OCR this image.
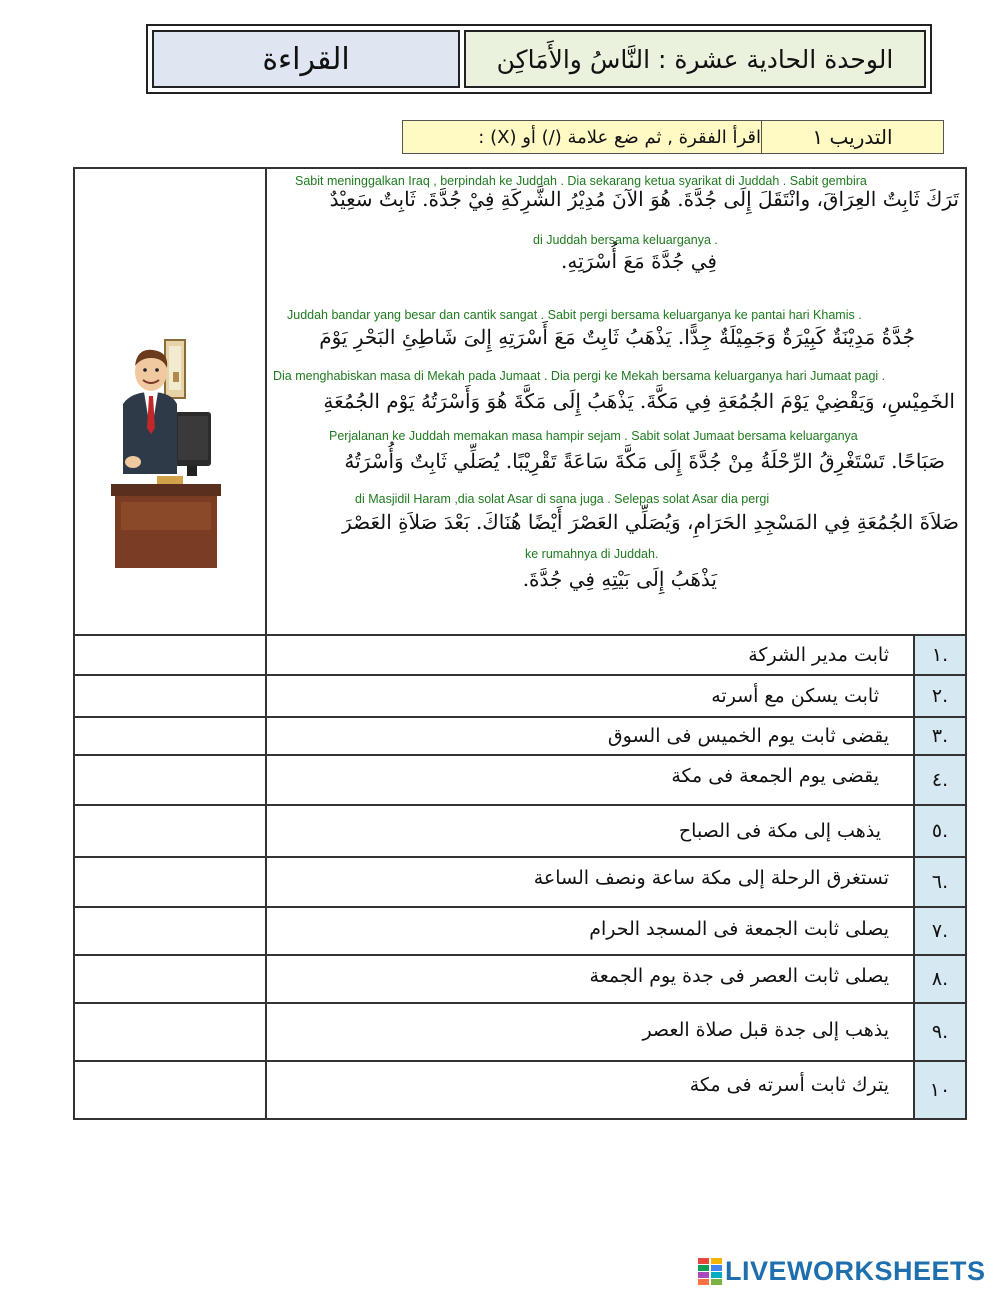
القراءة	الوحدة الحادية عشرة : النَّاسُ والأَمَاكِن
التدريب ١
اقرأ الفقرة , ثم ضع علامة (/) أو (X) :
Sabit meninggalkan Iraq , berpindah ke Juddah . Dia sekarang ketua syarikat di Juddah . Sabit gembira
تَرَكَ ثَابِتٌ العِرَاقَ، وانْتَقَلَ إِلَى جُدَّةَ. هُوَ الآنَ مُدِيْرُ الشَّرِكَةِ فِيْ جُدَّةَ. ثَابِتٌ سَعِيْدٌ
di Juddah bersama keluarganya .
فِي جُدَّةَ مَعَ أُسْرَتِهِ.
Juddah bandar yang besar dan cantik sangat . Sabit pergi bersama keluarganya ke pantai hari Khamis .
جُدَّةُ مَدِيْنَةٌ كَبِيْرَةٌ وَجَمِيْلَةٌ جِدًّا. يَذْهَبُ ثَابِتٌ مَعَ أَسْرَتِهِ إِلىَ شَاطِئِ البَحْرِ يَوْمَ
Dia menghabiskan masa di Mekah pada Jumaat . Dia pergi ke Mekah bersama keluarganya hari Jumaat pagi .
الخَمِيْسِ، وَيَقْضِيْ يَوْمَ الجُمُعَةِ فِي مَكَّةَ. يَذْهَبُ إِلَى مَكَّةَ هُوَ وَأَسْرَتُهُ يَوْم الجُمُعَةِ
Perjalanan ke Juddah memakan masa hampir sejam . Sabit solat Jumaat bersama keluarganya
صَبَاحًا. تَسْتَغْرِقُ الرِّحْلَةُ مِنْ جُدَّةَ إِلَى مَكَّةَ سَاعَةً تَقْرِيْبًا. يُصَلِّي ثَابِتٌ وَأُسْرَتُهُ
di Masjidil Haram ,dia solat Asar di sana juga . Selepas solat Asar dia pergi
صَلاَةَ الجُمُعَةِ فِي المَسْجِدِ الحَرَامِ، وَيُصَلِّي العَصْرَ أَيْضًا هُنَاكَ. بَعْدَ صَلاَةِ العَصْرَ
ke rumahnya di Juddah.
يَذْهَبُ إِلَى بَيْتِهِ فِي جُدَّةَ.
١.
ثابت مدير الشركة
٢.
ثابت يسكن مع أسرته
٣.
يقضى ثابت يوم الخميس فى السوق
٤.
يقضى يوم الجمعة فى مكة
٥.
يذهب إلى مكة فى الصباح
٦.
تستغرق الرحلة إلى مكة ساعة ونصف الساعة
٧.
يصلى ثابت الجمعة فى المسجد الحرام
٨.
يصلى ثابت العصر فى جدة يوم الجمعة
٩.
يذهب إلى جدة قبل صلاة العصر
١٠
يترك ثابت أسرته فى مكة
LIVEWORKSHEETS
